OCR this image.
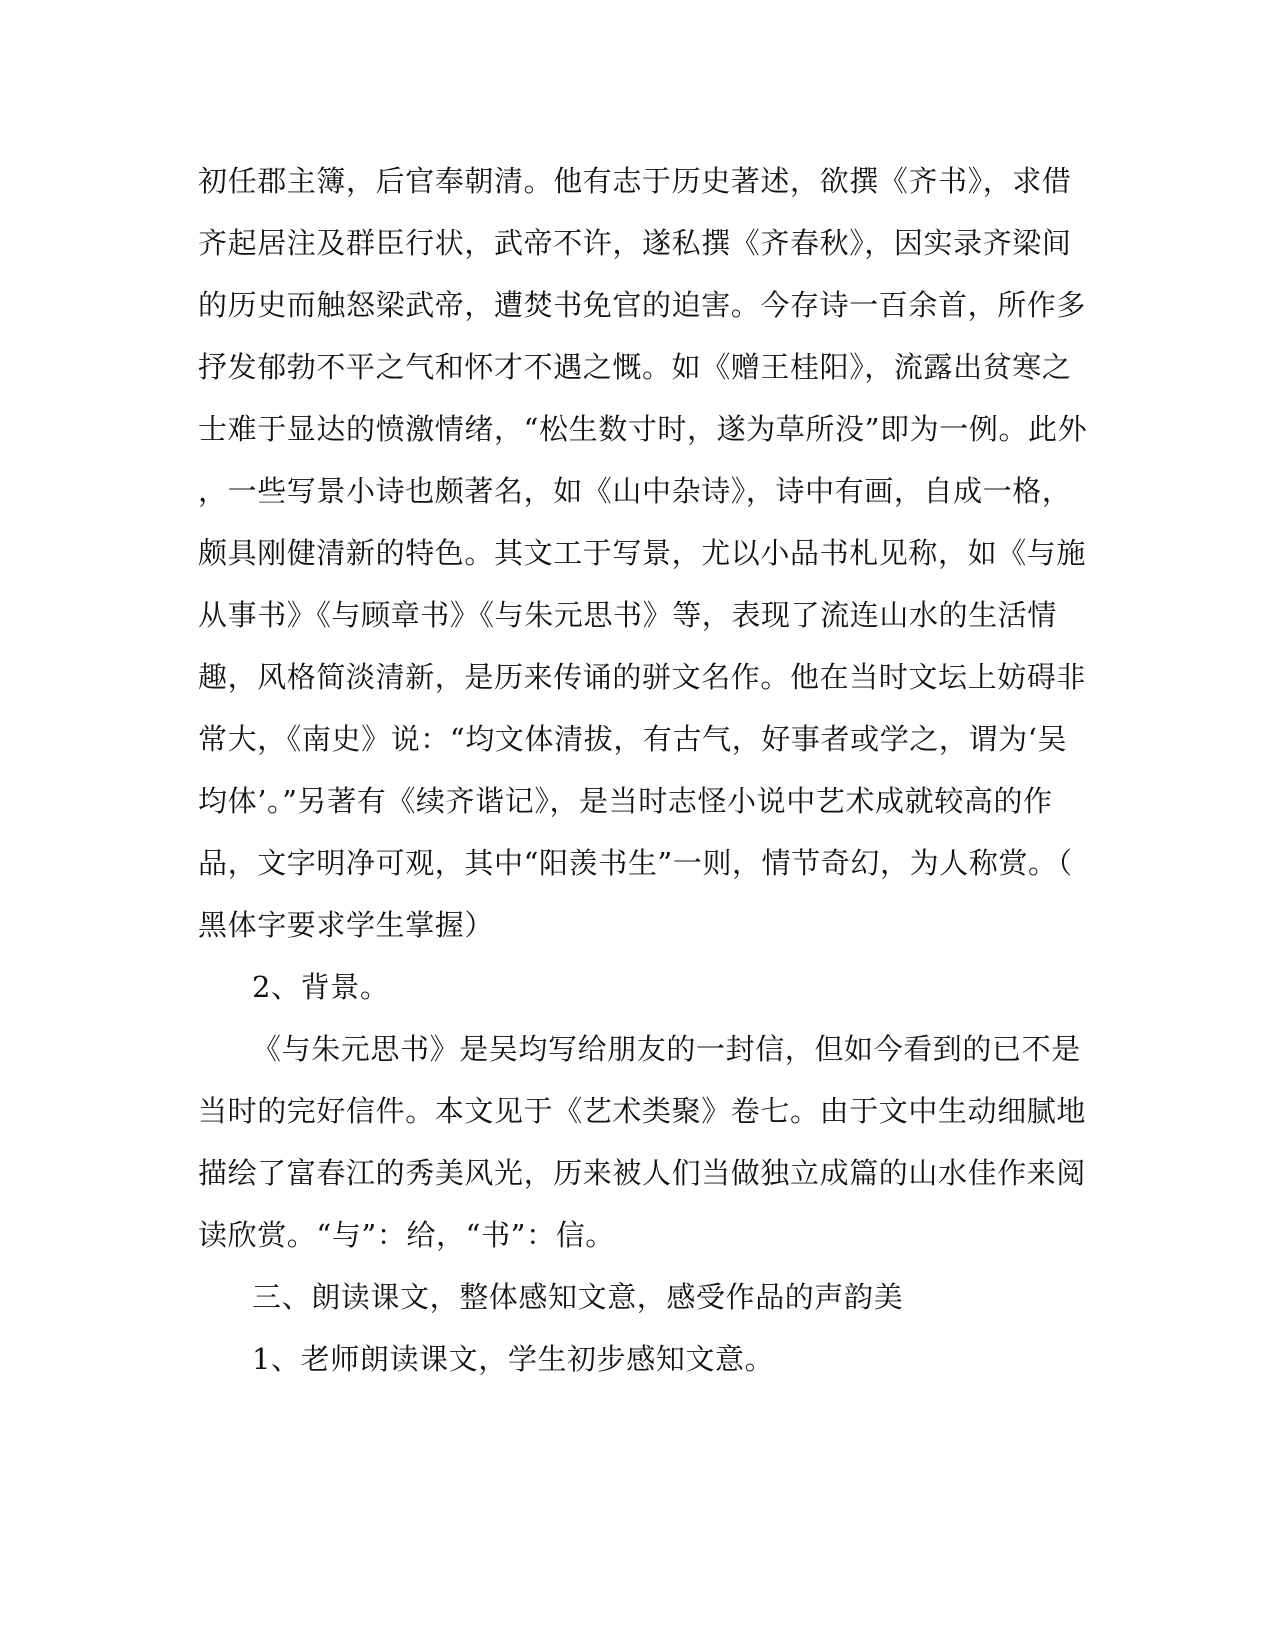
初任郡主簿，后官奉朝清。他有志于历史著述，欲撰《齐书》，求借
齐起居注及群臣行状，武帝不许，遂私撰《齐春秋》，因实录齐梁间
的历史而触怒梁武帝，遭焚书免官的迫害。今存诗一百余首，所作多
抒发郁勃不平之气和怀才不遇之慨。如《赠王桂阳》，流露出贫寒之
士难于显达的愤激情绪，“松生数寸时，遂为草所没”即为一例。此外
，一些写景小诗也颇著名，如《山中杂诗》，诗中有画，自成一格，
颇具刚健清新的特色。其文工于写景，尤以小品书札见称，如《与施
从事书》《与顾章书》《与朱元思书》等，表现了流连山水的生活情
趣，风格简淡清新，是历来传诵的骈文名作。他在当时文坛上妨碍非
常大，《南史》说：“均文体清拔，有古气，好事者或学之，谓为‘吴
均体’。”另著有《续齐谐记》，是当时志怪小说中艺术成就较高的作
品，文字明净可观，其中“阳羡书生”一则，情节奇幻，为人称赏。（
黑体字要求学生掌握）
2、背景。
《与朱元思书》是吴均写给朋友的一封信，但如今看到的已不是
当时的完好信件。本文见于《艺术类聚》卷七。由于文中生动细腻地
描绘了富春江的秀美风光，历来被人们当做独立成篇的山水佳作来阅
读欣赏。“与”：给，“书”：信。
三、朗读课文，整体感知文意，感受作品的声韵美
1、老师朗读课文，学生初步感知文意。
